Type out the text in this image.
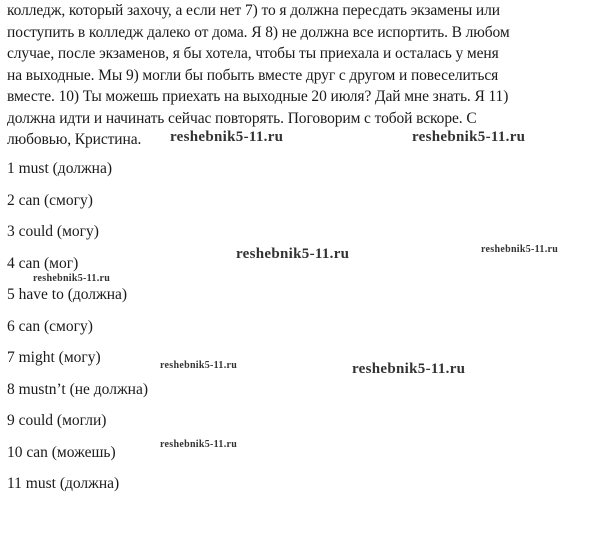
колледж, который захочу, а если нет 7) то я должна пересдать экзамены или
поступить в колледж далеко от дома. Я 8) не должна все испортить. В любом
случае, после экзаменов, я бы хотела, чтобы ты приехала и осталась у меня
на выходные. Мы 9) могли бы побыть вместе друг с другом и повеселиться
вместе. 10) Ты можешь приехать на выходные 20 июля? Дай мне знать. Я 11)
должна идти и начинать сейчас повторять. Поговорим с тобой вскоре. С
любовью, Кристина.
1 must (должна)
2 can (смогу)
3 could (могу)
4 can (мог)
5 have to (должна)
6 can (смогу)
7 might (могу)
8 mustn’t (не должна)
9 could (могли)
10 can (можешь)
11 must (должна)
reshebnik5-11.ru	reshebnik5-11.ru
reshebnik5-11.ru	reshebnik5-11.ru
reshebnik5-11.ru
reshebnik5-11.ru	reshebnik5-11.ru
reshebnik5-11.ru
